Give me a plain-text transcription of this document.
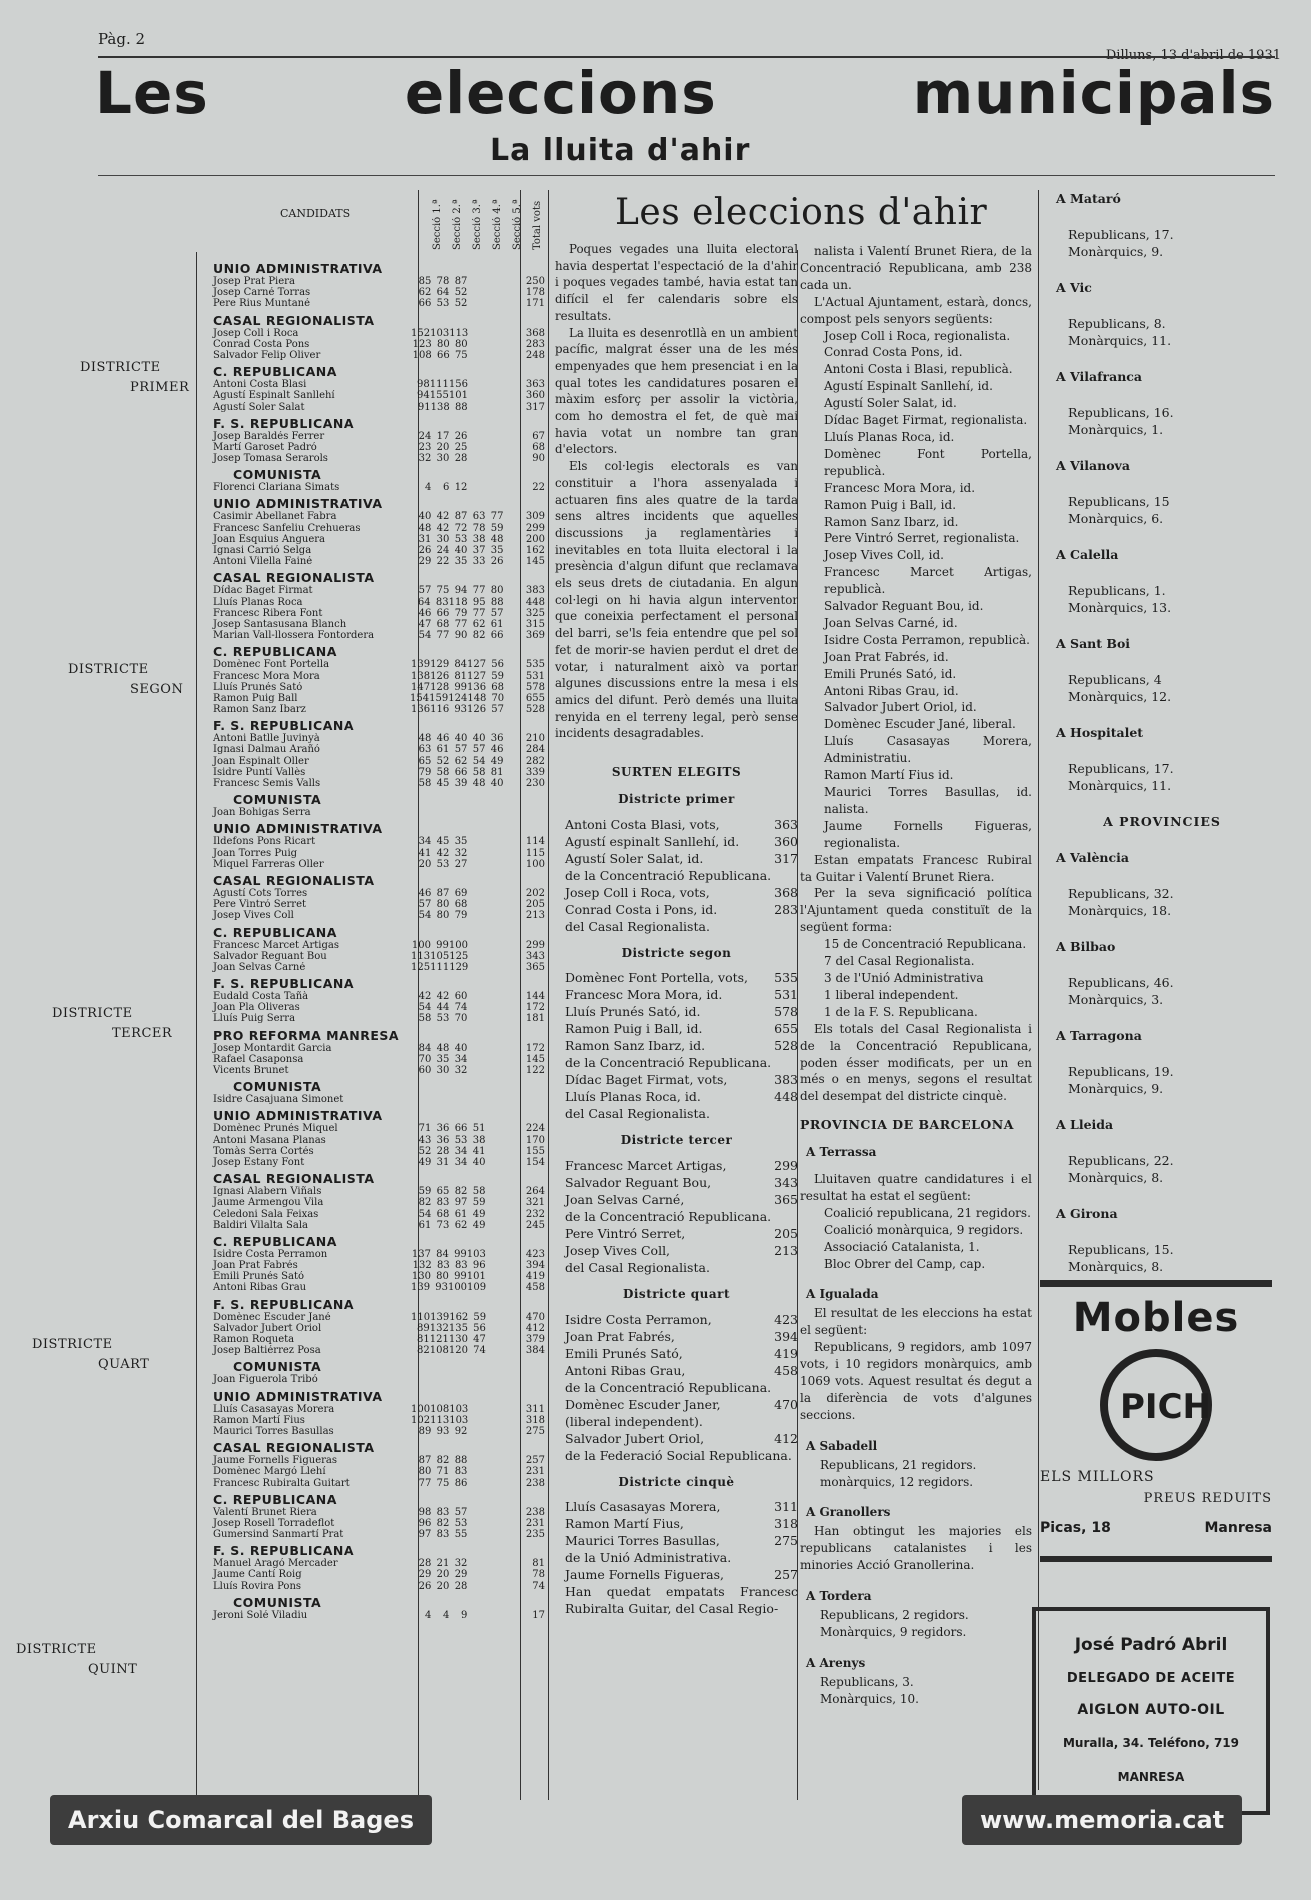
Pàg. 2
Dilluns, 13 d'abril de 1931
Les	eleccions	municipals
La lluita d'ahir
CANDIDATS	Secció 1.ª Secció 2.ª Secció 3.ª Secció 4.ª Secció 5.ª Total vots
UNIO ADMINISTRATIVA
Josep Prat Piera	85 78 87	250
Josep Carné Torras	62 64 52	178
Pere Rius Muntané	66 53 52	171
CASAL REGIONALISTA
Josep Coll i Roca	152 103 113	368
Conrad Costa Pons	123 80 80	283
Salvador Felip Oliver	108 66 75	248
C. REPUBLICANA
Antoni Costa Blasi	98 111 156	363
Agustí Espinalt Sanllehí	94 155 101	360
Agustí Soler Salat	91 138 88	317
F. S. REPUBLICANA
Josep Baraldés Ferrer	24 17 26	67
Martí Garoset Padró	23 20 25	68
Josep Tomasa Serarols	32 30 28	90
COMUNISTA
Florenci Clariana Simats	4	6 12	22
UNIO ADMINISTRATIVA
Casimir Abellanet Fabra	40 42 87 63 77	309
Francesc Sanfeliu Crehueras	48 42 72 78 59	299
Joan Esquius Anguera	31 30 53 38 48	200
Ignasi Carrió Selga	26 24 40 37 35	162
Antoni Vilella Fainé	29 22 35 33 26	145
CASAL REGIONALISTA
Dídac Baget Firmat	57 75 94 77 80	383
Lluís Planas Roca	64 83 118 95 88	448
Francesc Ribera Font	46 66 79 77 57	325
Josep Santasusana Blanch	47 68 77 62 61	315
Marian Vall-llossera Fontordera	54 77 90 82 66	369
C. REPUBLICANA
Domènec Font Portella	139 129 84 127 56	535
Francesc Mora Mora	138 126 81 127 59	531
Lluís Prunés Sató	147 128 99 136 68	578
Ramon Puig Ball	154 159 124 148 70	655
Ramon Sanz Ibarz	136 116 93 126 57	528
F. S. REPUBLICANA
Antoni Batlle Juvinyà	48 46 40 40 36	210
Ignasi Dalmau Arañó	63 61 57 57 46	284
Joan Espinalt Oller	65 52 62 54 49	282
Isidre Puntí Vallès	79 58 66 58 81	339
Francesc Semis Valls	58 45 39 48 40	230
COMUNISTA
Joan Bohigas Serra
UNIO ADMINISTRATIVA
Ildefons Pons Ricart	34 45 35	114
Joan Torres Puig	41 42 32	115
Miquel Farreras Oller	20 53 27	100
CASAL REGIONALISTA
Agustí Cots Torres	46 87 69	202
Pere Vintró Serret	57 80 68	205
Josep Vives Coll	54 80 79	213
C. REPUBLICANA
Francesc Marcet Artigas	100 99 100	299
Salvador Reguant Bou	113 105 125	343
Joan Selvas Carné	125 111 129	365
F. S. REPUBLICANA
Eudald Costa Tañà	42 42 60	144
Joan Pla Oliveras	54 44 74	172
Lluís Puig Serra	58 53 70	181
PRO REFORMA MANRESA
Josep Montardit Garcia	84 48 40	172
Rafael Casaponsa	70 35 34	145
Vicents Brunet	60 30 32	122
COMUNISTA
Isidre Casajuana Simonet
UNIO ADMINISTRATIVA
Domènec Prunés Miquel	71 36 66 51	224
Antoni Masana Planas	43 36 53 38	170
Tomàs Serra Cortés	52 28 34 41	155
Josep Estany Font	49 31 34 40	154
CASAL REGIONALISTA
Ignasi Alabern Viñals	59 65 82 58	264
Jaume Armengou Vila	82 83 97 59	321
Celedoni Sala Feixas	54 68 61 49	232
Baldiri Vilalta Sala	61 73 62 49	245
C. REPUBLICANA
Isidre Costa Perramon	137 84 99 103	423
Joan Prat Fabrés	132 83 83 96	394
Emili Prunés Sató	130 80 99 101	419
Antoni Ribas Grau	139 93 100 109	458
F. S. REPUBLICANA
Domènec Escuder Jané	110 139 162 59	470
Salvador Jubert Oriol	89 132 135 56	412
Ramon Roqueta	81 121 130 47	379
Josep Baltiérrez Posa	82 108 120 74	384
COMUNISTA
Joan Figuerola Tribó
UNIO ADMINISTRATIVA
Lluís Casasayas Morera	100 108 103	311
Ramon Martí Fius	102 113 103	318
Maurici Torres Basullas	89 93 92	275
CASAL REGIONALISTA
Jaume Fornells Figueras	87 82 88	257
Domènec Margó Llehí	80 71 83	231
Francesc Rubiralta Guitart	77 75 86	238
C. REPUBLICANA
Valentí Brunet Riera	98 83 57	238
Josep Rosell Torradeflot	96 82 53	231
Gumersind Sanmartí Prat	97 83 55	235
F. S. REPUBLICANA
Manuel Aragó Mercader	28 21 32	81
Jaume Cantí Roig	29 20 29	78
Lluís Rovira Pons	26 20 28	74
COMUNISTA
Jeroni Solé Viladiu	4	4	9	17
DISTRICTE
PRIMER
DISTRICTE
SEGON
DISTRICTE
TERCER
DISTRICTE
QUART
DISTRICTE
QUINT
Les eleccions d'ahir

Poques vegades una lluita electoral havia despertat l'espectació de la d'ahir i poques vegades també, havia estat tan difícil el fer calendaris sobre els resultats.

La lluita es desenrotllà en un ambient pacífic, malgrat ésser una de les més empenyades que hem presenciat i en la qual totes les candidatures posaren el màxim esforç per assolir la victòria, com ho demostra el fet, de què mai havia votat un nombre tan gran d'electors.

Els col·legis electorals es van constituir a l'hora assenyalada i actuaren fins ales quatre de la tarda sens altres incidents que aquelles discussions ja reglamentàries i inevitables en tota lluita electoral i la presència d'algun difunt que reclamava els seus drets de ciutadania. En algun col·legi on hi havia algun interventor que coneixia perfectament el personal del barri, se'ls feia entendre que pel sol fet de morir-se havien perdut el dret de votar, i naturalment això va portar algunes discussions entre la mesa i els amics del difunt. Però demés una lluita renyida en el terreny legal, però sense incidents desagradables.

SURTEN ELEGITS
Districte primer
Antoni Costa Blasi, vots,	363
Agustí espinalt Sanllehí, id.	360
Agustí Soler Salat, id.	317
de la Concentració Republicana.
Josep Coll i Roca, vots,	368
Conrad Costa i Pons, id.	283
del Casal Regionalista.
Districte segon
Domènec Font Portella, vots, 535
Francesc Mora Mora, id.	531
Lluís Prunés Sató, id.	578
Ramon Puig i Ball, id.	655
Ramon Sanz Ibarz, id.	528
de la Concentració Republicana.
Dídac Baget Firmat, vots,	383
Lluís Planas Roca, id.	448
del Casal Regionalista.
Districte tercer
Francesc Marcet Artigas,	299
Salvador Reguant Bou,	343
Joan Selvas Carné,	365
de la Concentració Republicana.
Pere Vintró Serret,	205
Josep Vives Coll,	213
del Casal Regionalista.
Districte quart
Isidre Costa Perramon,	423
Joan Prat Fabrés,	394
Emili Prunés Sató,	419
Antoni Ribas Grau,	458
de la Concentració Republicana.
Domènec Escuder Janer,	470
(liberal independent).
Salvador Jubert Oriol,	412
de la Federació Social Republicana.
Districte cinquè
Lluís Casasayas Morera,	311
Ramon Martí Fius,	318
Maurici Torres Basullas,	275
de la Unió Administrativa.
Jaume Fornells Figueras,	257
Han quedat empatats Francesc Rubiralta Guitar, del Casal Regio-

nalista i Valentí Brunet Riera, de la Concentració Republicana, amb 238 cada un.

L'Actual Ajuntament, estarà, doncs, compost pels senyors següents:

Josep Coll i Roca, regionalista.
Conrad Costa Pons, id.
Antoni Costa i Blasi, republicà.
Agustí Espinalt Sanllehí, id.
Agustí Soler Salat, id.
Dídac Baget Firmat, regionalista.
Lluís Planas Roca, id.
Domènec Font Portella, republicà.
Francesc Mora Mora, id.
Ramon Puig i Ball, id.
Ramon Sanz Ibarz, id.
Pere Vintró Serret, regionalista.
Josep Vives Coll, id.
Francesc Marcet Artigas, republicà.
Salvador Reguant Bou, id.
Joan Selvas Carné, id.
Isidre Costa Perramon, republicà.
Joan Prat Fabrés, id.
Emili Prunés Sató, id.
Antoni Ribas Grau, id.
Salvador Jubert Oriol, id.
Domènec Escuder Jané, liberal.
Lluís Casasayas Morera, Administratiu.
Ramon Martí Fius id.
Maurici Torres Basullas, id. nalista.
Jaume Fornells Figueras, regionalista.

Estan empatats Francesc Rubiral ta Guitar i Valentí Brunet Riera.

Per la seva significació política l'Ajuntament queda constituït de la següent forma:

15 de Concentració Republicana.
7 del Casal Regionalista.
3 de l'Unió Administrativa
1 liberal independent.
1 de la F. S. Republicana.

Els totals del Casal Regionalista i de la Concentració Republicana, poden ésser modificats, per un en més o en menys, segons el resultat del desempat del districte cinquè.

PROVINCIA DE BARCELONA
A Terrassa

Lluitaven quatre candidatures i el resultat ha estat el següent:

Coalició republicana, 21 regidors.
Coalició monàrquica, 9 regidors.
Associació Catalanista, 1.
Bloc Obrer del Camp, cap.
A Igualada

El resultat de les eleccions ha estat el següent:

Republicans, 9 regidors, amb 1097 vots, i 10 regidors monàrquics, amb 1069 vots. Aquest resultat és degut a la diferència de vots d'algunes seccions.

A Sabadell
Republicans, 21 regidors.
monàrquics, 12 regidors.
A Granollers

Han obtingut les majories els republicans catalanistes i les minories Acció Granollerina.

A Tordera
Republicans, 2 regidors.
Monàrquics, 9 regidors.
A Arenys
Republicans, 3.
Monàrquics, 10.
A Mataró
Republicans, 17.
Monàrquics, 9.
A Vic
Republicans, 8.
Monàrquics, 11.
A Vilafranca
Republicans, 16.
Monàrquics, 1.
A Vilanova
Republicans, 15
Monàrquics, 6.
A Calella
Republicans, 1.
Monàrquics, 13.
A Sant Boi
Republicans, 4
Monàrquics, 12.
A Hospitalet
Republicans, 17.
Monàrquics, 11.
A PROVINCIES
A València
Republicans, 32.
Monàrquics, 18.
A Bilbao
Republicans, 46.
Monàrquics, 3.
A Tarragona
Republicans, 19.
Monàrquics, 9.
A Lleida
Republicans, 22.
Monàrquics, 8.
A Girona
Republicans, 15.
Monàrquics, 8.
Mobles
PICH
ELS MILLORS
PREUS REDUITS
Picas, 18	Manresa
José Padró Abril
DELEGADO DE ACEITE
AIGLON AUTO-OIL
Muralla, 34. Teléfono, 719
MANRESA
Arxiu Comarcal del Bages	www.memoria.cat
